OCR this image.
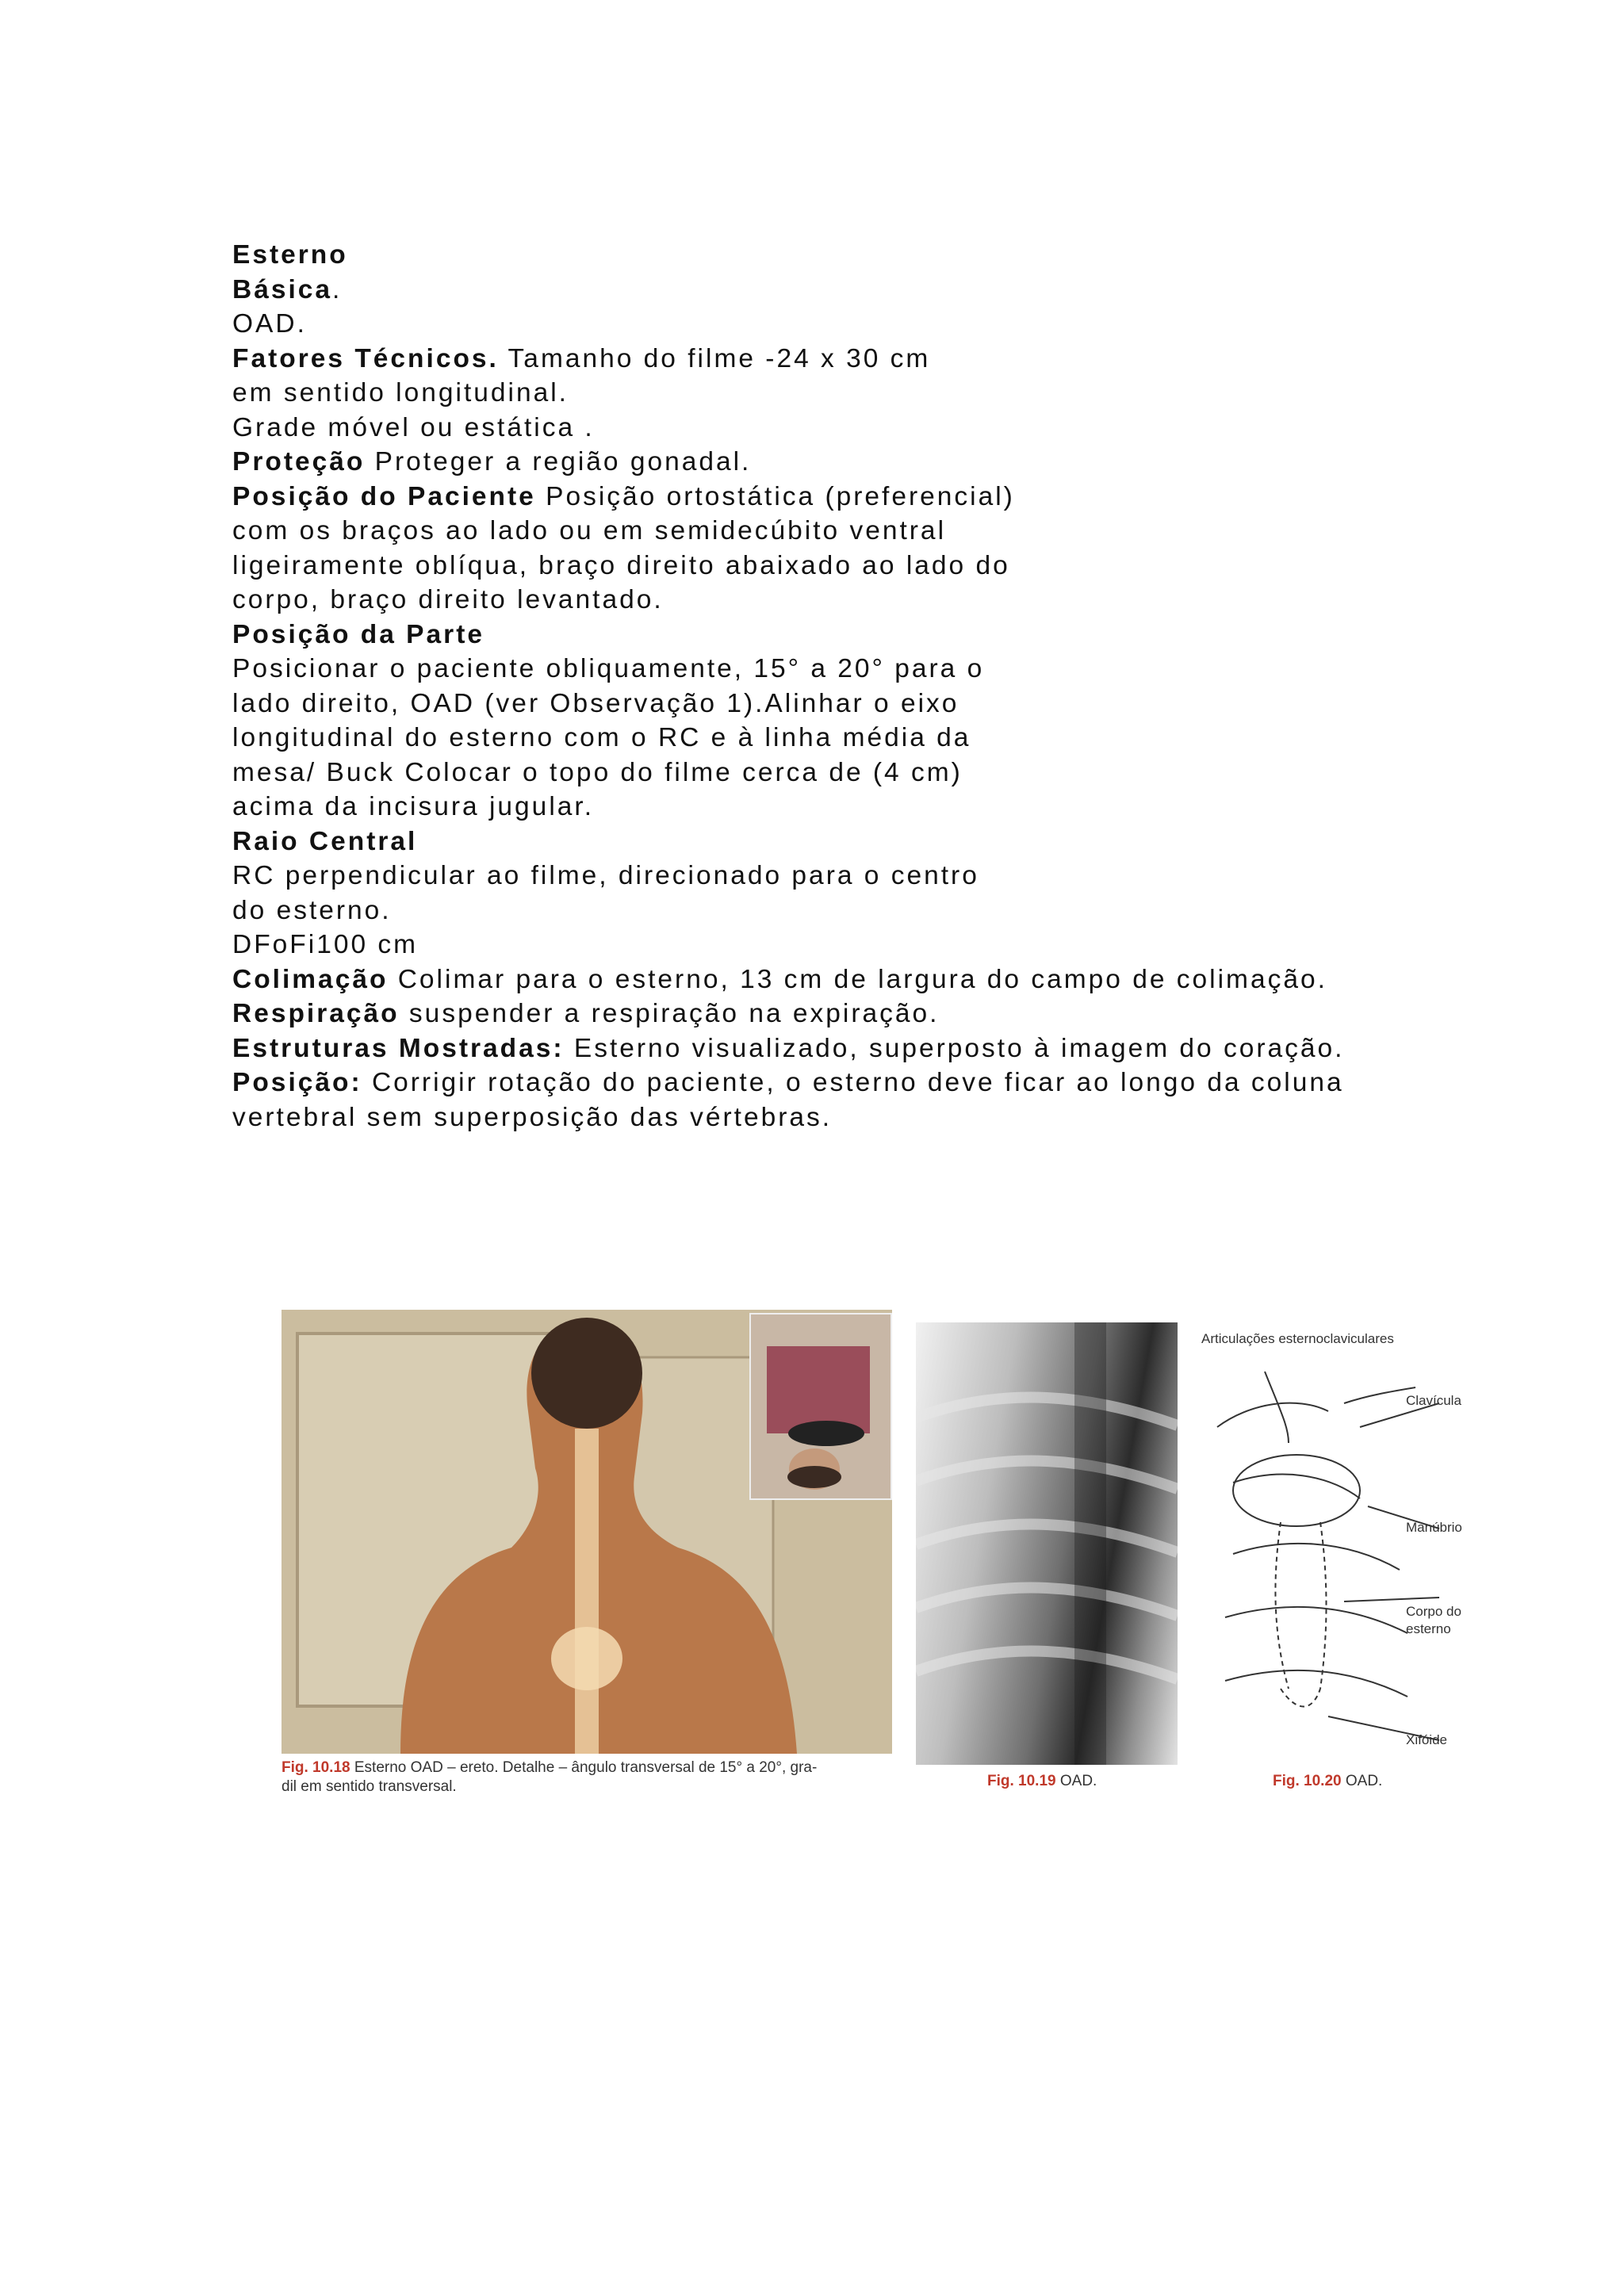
Esterno
Básica.
OAD.
Fatores Técnicos. Tamanho do filme -24 x 30 cm
em sentido longitudinal.
Grade móvel ou estática .
Proteção Proteger a região gonadal.
Posição do Paciente Posição ortostática (preferencial)
com os braços ao lado ou em semidecúbito ventral
ligeiramente oblíqua, braço direito abaixado ao lado do
corpo, braço direito levantado.
Posição da Parte
Posicionar o paciente obliquamente, 15° a 20° para o
lado direito, OAD (ver Observação 1).Alinhar o eixo
longitudinal do esterno com o RC e à linha média da
mesa/ Buck Colocar o topo do filme cerca de (4 cm)
acima da incisura jugular.
Raio Central
RC perpendicular ao filme, direcionado para o centro
do esterno.
DFoFi100 cm
Colimação Colimar para o esterno, 13 cm de largura do campo de colimação.
Respiração suspender a respiração na expiração.
Estruturas Mostradas: Esterno visualizado, superposto à imagem do coração.
Posição: Corrigir rotação do paciente, o esterno deve ficar ao longo da coluna
vertebral sem superposição das vértebras.
Fig. 10.18 Esterno OAD – ereto. Detalhe – ângulo transversal de 15° a 20°, gra-
dil em sentido transversal.	Fig. 10.19 OAD.
Articulações esternoclaviculares
Clavícula
Manúbrio
Corpo do
esterno
Xifóide
Fig. 10.20 OAD.
